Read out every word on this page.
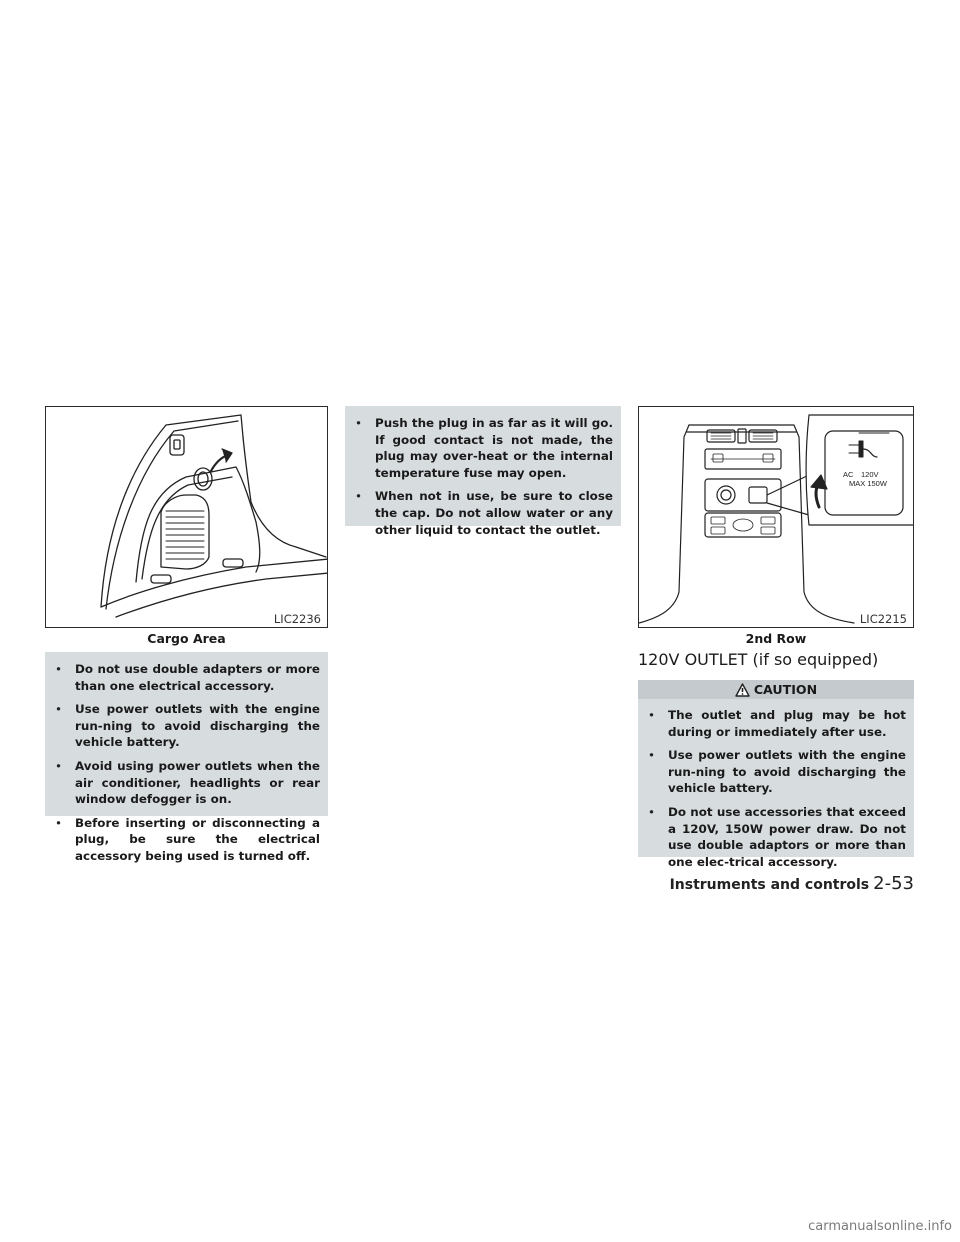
LIC2236
Cargo Area
• Do not use double adapters or more than one electrical accessory.
• Use power outlets with the engine run-ning to avoid discharging the vehicle battery.
• Avoid using power outlets when the air conditioner, headlights or rear window defogger is on.
• Before inserting or disconnecting a plug, be sure the electrical accessory being used is turned off.
• Push the plug in as far as it will go. If good contact is not made, the plug may over-heat or the internal temperature fuse may open.
• When not in use, be sure to close the cap. Do not allow water or any other liquid to contact the outlet.
AC 120V
MAX 150W
LIC2215
2nd Row
120V OUTLET (if so equipped)
CAUTION
• The outlet and plug may be hot during or immediately after use.
• Use power outlets with the engine run-ning to avoid discharging the vehicle battery.
• Do not use accessories that exceed a 120V, 150W power draw. Do not use double adaptors or more than one elec-trical accessory.
Instruments and controls 2-53
carmanualsonline.info
